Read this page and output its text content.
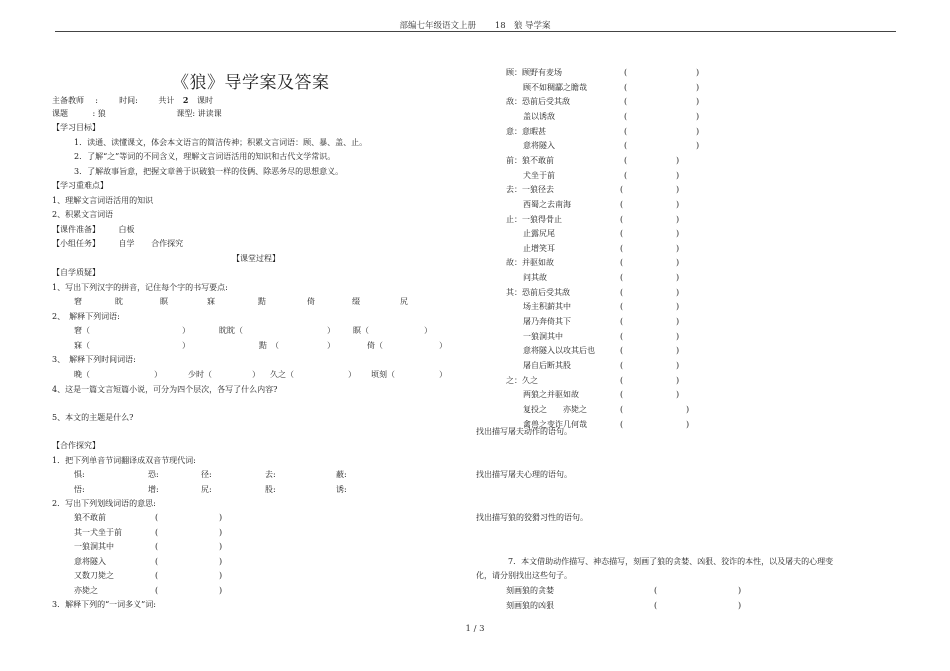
部编七年级语文上册 18 狼 导学案
《狼》导学案及答案
主备教师 :	时间:	共计 2 课时
课题	: 狼	课型: 讲读课
【学习目标】
1．读通、读懂课文，体会本文语言的简洁传神；积累文言词语：顾、暴、盖、止。
2．了解“之”等词的不同含义，理解文言词语活用的知识和古代文学常识。
3．了解故事旨意，把握文章善于识破狼一样的伎俩、除恶务尽的思想意义。
【学习重难点】
1、理解文言词语活用的知识
2、积累文言词语
【课件准备】 白板
【小组任务】 自学 合作探究
【课堂过程】
【自学质疑】
1、写出下列汉字的拼音，记住每个字的书写要点:
窘	眈	瞑	寐	黠	倚	缀	尻
2、　解释下列词语:
窘（	）	眈眈（	） 瞑（	）
寐（	）	黠　（	）	倚（	）
3、　解释下列时间词语:
晚（	）	少时（	） 久之（	） 顷刻（	）
4、这是一篇文言短篇小说，可分为四个层次，各写了什么内容?
5、本文的主题是什么?
【合作探究】
1．把下列单音节词翻译成双音节现代词:
惧:	恐:	径:	去:	蔽:
悟:	增:	尻:	股:	诱:
2．写出下列划线词语的意思:
狼不敢前	(	)
其一犬坐于前	(	)
一狼洞其中	(	)
意将隧入	(	)
又数刀毙之	(	)
亦毙之	(	)
3．解释下列的“一词多义”词:
顾：顾野有麦场	(	)
顾不如稠酃之瞻哉	(	)
敌：恐前后受其敌	(	)
盖以诱敌	(	)
意：意暇甚	(	)
意将隧入	(	)
前：狼不敢前	(	)
犬坐于前	(	)
去：一狼径去	(	)
西蜀之去南海	(	)
止：一狼得骨止	(	)
止露尻尾	(	)
止增笑耳	(	)
故：并驱如故	(	)
问其故	(	)
其：恐前后受其敌	(	)
场主积薪其中	(	)
屠乃奔倚其下	(	)
一狼洞其中	(	)
意将隧入以攻其后也	(	)
屠自后断其股	(	)
之：久之	(	)
两狼之并驱如故	(	)
复投之　　亦毙之	(	)
禽兽之变诈几何哉	(	)
找出描写屠夫动作的语句。
找出描写屠夫心理的语句。
找出描写狼的狡猾习性的语句。
7．本文借助动作描写、神态描写，刻画了狼的贪婪、凶狠、狡诈的本性，以及屠夫的心理变
化，请分别找出这些句子。
刻画狼的贪婪	(	)
刻画狼的凶狠	(	)
1 / 3
